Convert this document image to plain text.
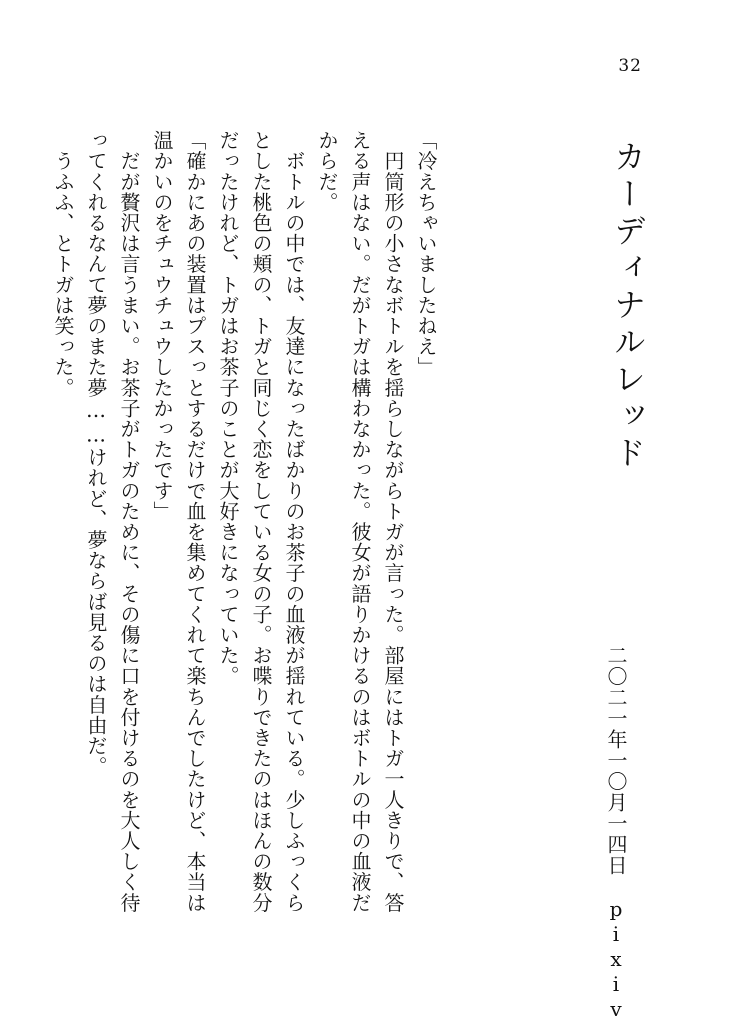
32
カーディナルレッド
二〇二一年一〇月一四日　pixiv

「冷えちゃいましたねえ」

　円筒形の小さなボトルを揺らしながらトガが言った。部屋にはトガ一人きりで、答える声はない。だがトガは構わなかった。彼女が語りかけるのはボトルの中の血液だからだ。

　ボトルの中では、友達になったばかりのお茶子の血液が揺れている。少しふっくらとした桃色の頬の、トガと同じく恋をしている女の子。お喋りできたのはほんの数分だったけれど、トガはお茶子のことが大好きになっていた。

「確かにあの装置はプスっとするだけで血を集めてくれて楽ちんでしたけど、本当は温かいのをチュウチュウしたかったです」

　だが贅沢は言うまい。お茶子がトガのために、その傷に口を付けるのを大人しく待ってくれるなんて夢のまた夢……けれど、夢ならば見るのは自由だ。

　うふふ、とトガは笑った。
